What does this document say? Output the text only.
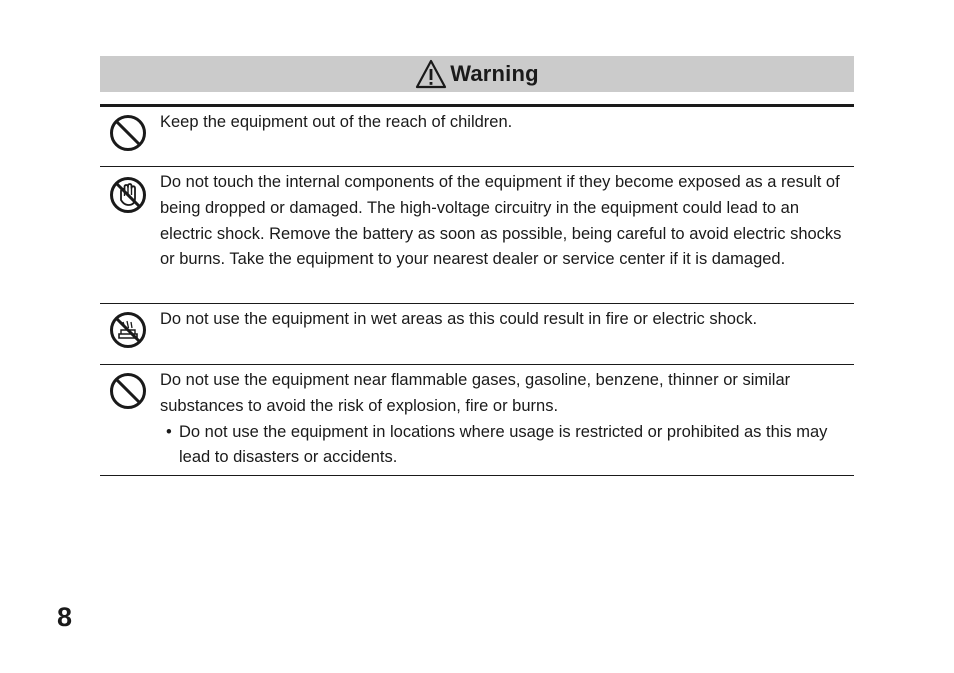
Warning

Keep the equipment out of the reach of children.

Do not touch the internal components of the equipment if they become exposed as a result of being dropped or damaged. The high-voltage circuitry in the equipment could lead to an electric shock. Remove the battery as soon as possible, being careful to avoid electric shocks or burns. Take the equipment to your nearest dealer or service center if it is damaged.

Do not use the equipment in wet areas as this could result in fire or electric shock.

Do not use the equipment near flammable gases, gasoline, benzene, thinner or similar substances to avoid the risk of explosion, fire or burns.

• Do not use the equipment in locations where usage is restricted or prohibited as this may lead to disasters or accidents.

8
